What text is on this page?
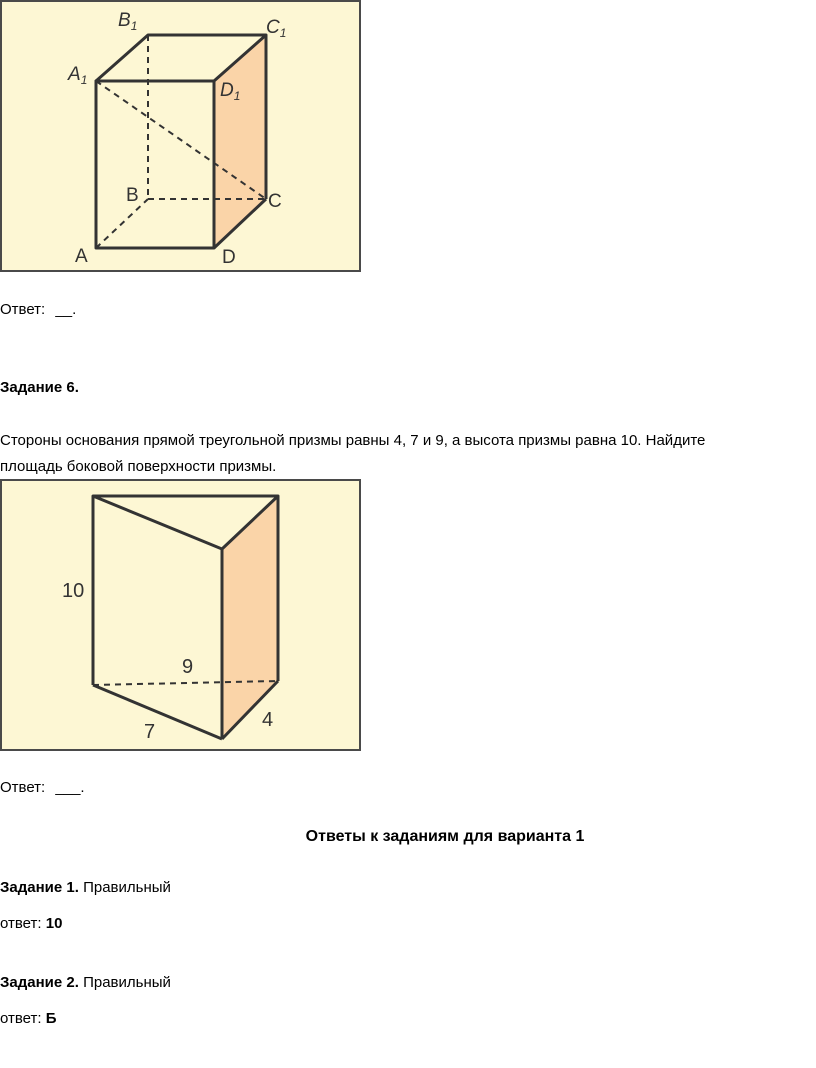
$B_1$	$C_1$
$A_1$	$D_1$
B	C
A	D
Ответ: __.
Задание 6.
Стороны основания прямой треугольной призмы равны 4, 7 и 9, а высота призмы равна 10. Найдите
площадь боковой поверхности призмы.
10
9
7
4
Ответ: ___.
Ответы к заданиям для варианта 1
Задание 1. Правильный
ответ: 10
Задание 2. Правильный
ответ: Б
